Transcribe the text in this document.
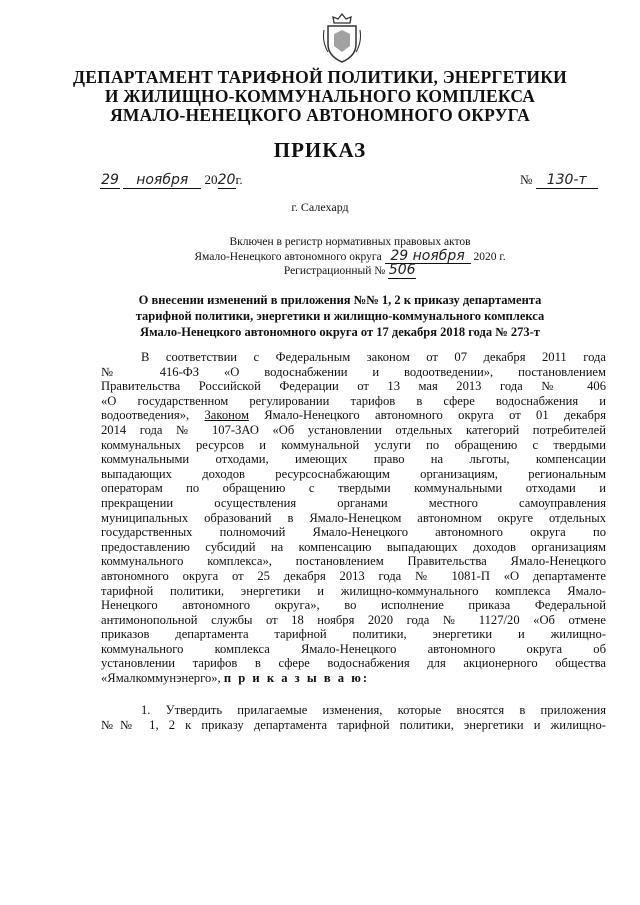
ДЕПАРТАМЕНТ ТАРИФНОЙ ПОЛИТИКИ, ЭНЕРГЕТИКИ
И ЖИЛИЩНО-КОММУНАЛЬНОГО КОМПЛЕКСА
ЯМАЛО-НЕНЕЦКОГО АВТОНОМНОГО ОКРУГА
ПРИКАЗ
29 ноября 2020г.	№ 130-т
г. Салехард
Включен в регистр нормативных правовых актов
Ямало-Ненецкого автономного округа 29 ноября 2020 г.
Регистрационный № 506
О внесении изменений в приложения №№ 1, 2 к приказу департамента
тарифной политики, энергетики и жилищно-коммунального комплекса
Ямало-Ненецкого автономного округа от 17 декабря 2018 года № 273-т
В соответствии с Федеральным законом от 07 декабря 2011 года
№ 416-ФЗ «О водоснабжении и водоотведении», постановлением
Правительства Российской Федерации от 13 мая 2013 года № 406
«О государственном регулировании тарифов в сфере водоснабжения и
водоотведения», Законом Ямало-Ненецкого автономного округа от 01 декабря
2014 года № 107-ЗАО «Об установлении отдельных категорий потребителей
коммунальных ресурсов и коммунальной услуги по обращению с твердыми
коммунальными отходами, имеющих право на льготы, компенсации
выпадающих доходов ресурсоснабжающим организациям, региональным
операторам по обращению с твердыми коммунальными отходами и
прекращении осуществления органами местного самоуправления
муниципальных образований в Ямало-Ненецком автономном округе отдельных
государственных полномочий Ямало-Ненецкого автономного округа по
предоставлению субсидий на компенсацию выпадающих доходов организациям
коммунального комплекса», постановлением Правительства Ямало-Ненецкого
автономного округа от 25 декабря 2013 года № 1081-П «О департаменте
тарифной политики, энергетики и жилищно-коммунального комплекса Ямало-
Ненецкого автономного округа», во исполнение приказа Федеральной
антимонопольной службы от 18 ноября 2020 года № 1127/20 «Об отмене
приказов департамента тарифной политики, энергетики и жилищно-
коммунального комплекса Ямало-Ненецкого автономного округа об
установлении тарифов в сфере водоснабжения для акционерного общества
«Ямалкоммунэнерго», п р и к а з ы в а ю:
1. Утвердить прилагаемые изменения, которые вносятся в приложения
№№ 1, 2 к приказу департамента тарифной политики, энергетики и жилищно-
